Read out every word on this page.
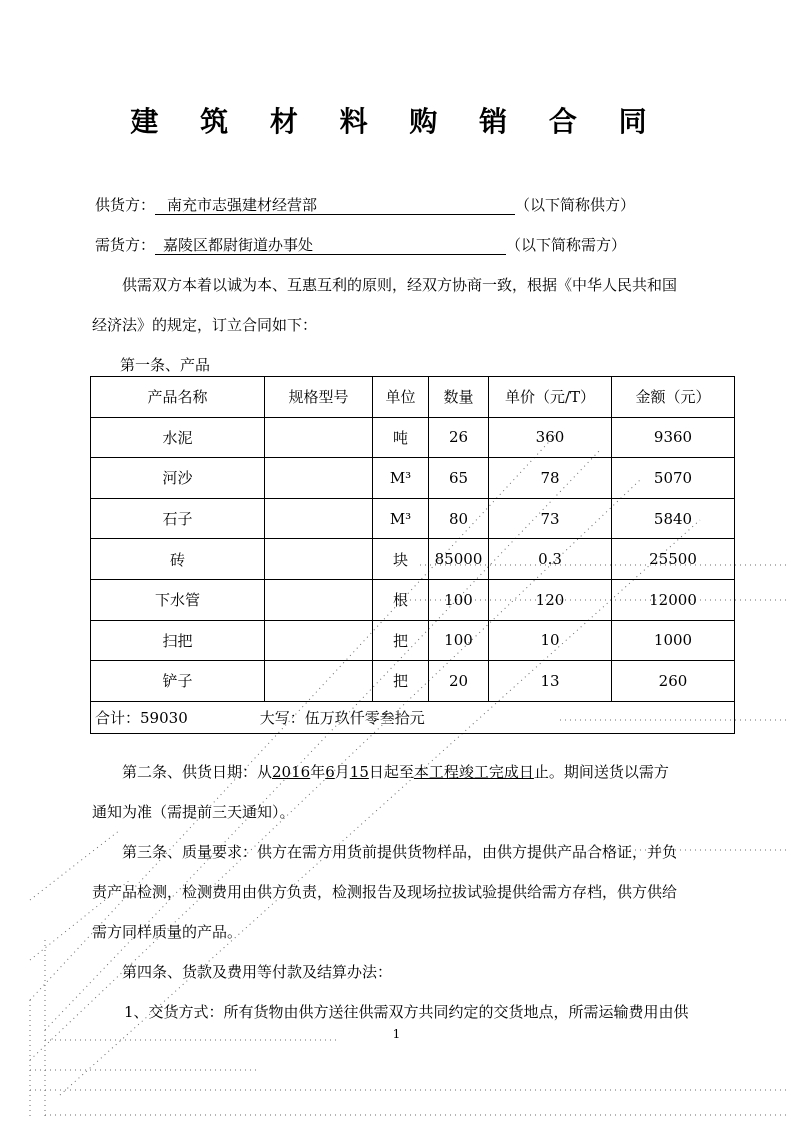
建 筑 材 料 购 销 合 同
供货方： 南充市志强建材经营部	（以下简称供方）
需货方： 嘉陵区都尉街道办事处	（以下简称需方）
供需双方本着以诚为本、互惠互利的原则，经双方协商一致，根据《中华人民共和国
经济法》的规定，订立合同如下：
第一条、产品
产品名称	规格型号	单位	数量	单价（元/T）	金额（元）
水泥		吨	26	360	9360
河沙		M³	65	78	5070
石子		M³	80	73	5840
砖		块	85000	0.3	25500
下水管		根	100	120	12000
扫把		把	100	10	1000
铲子		把	20	13	260
合计：59030 大写：伍万玖仟零叁拾元					
第二条、供货日期：从2016年6月15日起至本工程竣工完成日止。期间送货以需方
通知为准（需提前三天通知）。
第三条、质量要求：供方在需方用货前提供货物样品，由供方提供产品合格证，并负
责产品检测，检测费用由供方负责，检测报告及现场拉拔试验提供给需方存档，供方供给
需方同样质量的产品。
第四条、货款及费用等付款及结算办法：
1、交货方式：所有货物由供方送往供需双方共同约定的交货地点，所需运输费用由供
1
